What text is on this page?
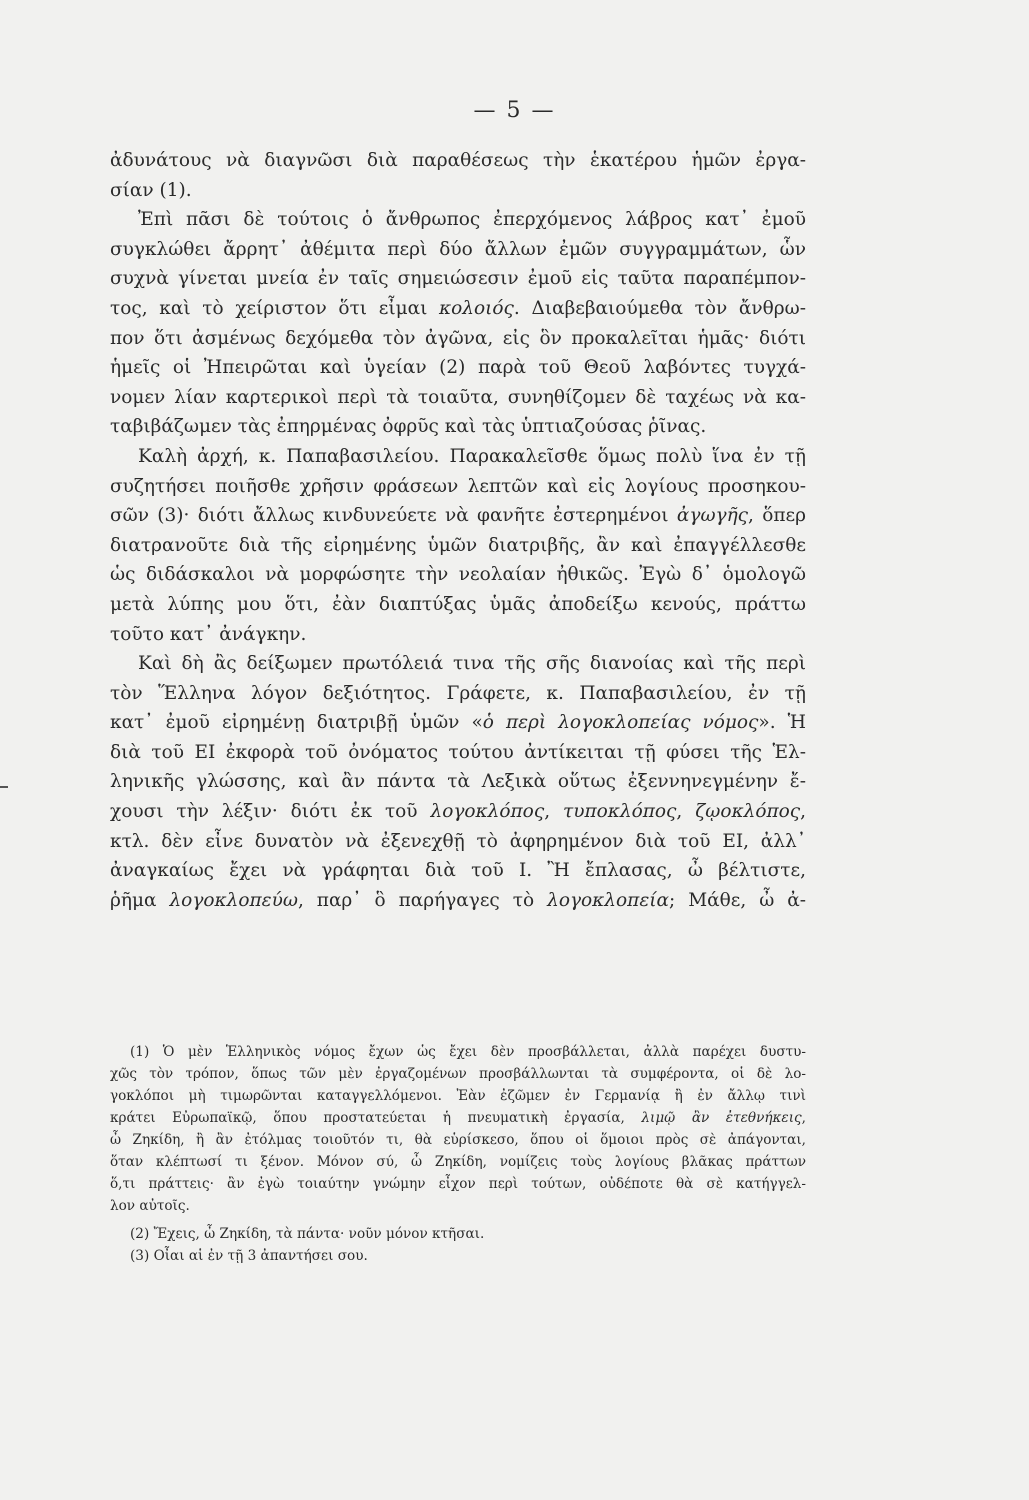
— 5 —
ἀδυνάτους νὰ διαγνῶσι διὰ παραθέσεως τὴν ἑκατέρου ἡμῶν ἐργα-
σίαν (1).
Ἐπὶ πᾶσι δὲ τούτοις ὁ ἄνθρωπος ἐπερχόμενος λάβρος κατ᾽ ἐμοῦ
συγκλώθει ἄρρητ᾽ ἀθέμιτα περὶ δύο ἄλλων ἐμῶν συγγραμμάτων, ὧν
συχνὰ γίνεται μνεία ἐν ταῖς σημειώσεσιν ἐμοῦ εἰς ταῦτα παραπέμπον-
τος, καὶ τὸ χείριστον ὅτι εἶμαι κολοιός. Διαβεβαιούμεθα τὸν ἄνθρω-
πον ὅτι ἀσμένως δεχόμεθα τὸν ἀγῶνα, εἰς ὃν προκαλεῖται ἡμᾶς· διότι
ἡμεῖς οἱ Ἠπειρῶται καὶ ὑγείαν (2) παρὰ τοῦ Θεοῦ λαβόντες τυγχά-
νομεν λίαν καρτερικοὶ περὶ τὰ τοιαῦτα, συνηθίζομεν δὲ ταχέως νὰ κα-
ταβιβάζωμεν τὰς ἐπηρμένας ὀφρῦς καὶ τὰς ὑπτιαζούσας ῥῖνας.
Καλὴ ἀρχή, κ. Παπαβασιλείου. Παρακαλεῖσθε ὅμως πολὺ ἵνα ἐν τῇ
συζητήσει ποιῆσθε χρῆσιν φράσεων λεπτῶν καὶ εἰς λογίους προσηκου-
σῶν (3)· διότι ἄλλως κινδυνεύετε νὰ φανῆτε ἐστερημένοι ἀγωγῆς, ὅπερ
διατρανοῦτε διὰ τῆς εἰρημένης ὑμῶν διατριβῆς, ἂν καὶ ἐπαγγέλλεσθε
ὡς διδάσκαλοι νὰ μορφώσητε τὴν νεολαίαν ἠθικῶς. Ἐγὼ δ᾽ ὁμολογῶ
μετὰ λύπης μου ὅτι, ἐὰν διαπτύξας ὑμᾶς ἀποδείξω κενούς, πράττω
τοῦτο κατ᾽ ἀνάγκην.
Καὶ δὴ ἂς δείξωμεν πρωτόλειά τινα τῆς σῆς διανοίας καὶ τῆς περὶ
τὸν Ἕλληνα λόγον δεξιότητος. Γράφετε, κ. Παπαβασιλείου, ἐν τῇ
κατ᾽ ἐμοῦ εἰρημένῃ διατριβῇ ὑμῶν «ὁ περὶ λογοκλοπείας νόμος». Ἡ
διὰ τοῦ ΕΙ ἐκφορὰ τοῦ ὀνόματος τούτου ἀντίκειται τῇ φύσει τῆς Ἑλ-
ληνικῆς γλώσσης, καὶ ἂν πάντα τὰ Λεξικὰ οὕτως ἐξεννηνεγμένην ἔ-
χουσι τὴν λέξιν· διότι ἐκ τοῦ λογοκλόπος, τυποκλόπος, ζῳοκλόπος,
κτλ. δὲν εἶνε δυνατὸν νὰ ἐξενεχθῇ τὸ ἀφηρημένον διὰ τοῦ ΕΙ, ἀλλ᾽
ἀναγκαίως ἔχει νὰ γράφηται διὰ τοῦ Ι. Ἢ ἔπλασας, ὦ βέλτιστε,
ῥῆμα λογοκλοπεύω, παρ᾽ ὃ παρήγαγες τὸ λογοκλοπεία; Μάθε, ὦ ἀ-
(1) Ὁ μὲν Ἑλληνικὸς νόμος ἔχων ὡς ἔχει δὲν προσβάλλεται, ἀλλὰ παρέχει δυστυ-
χῶς τὸν τρόπον, ὅπως τῶν μὲν ἐργαζομένων προσβάλλωνται τὰ συμφέροντα, οἱ δὲ λο-
γοκλόποι μὴ τιμωρῶνται καταγγελλόμενοι. Ἐὰν ἐζῶμεν ἐν Γερμανίᾳ ἢ ἐν ἄλλῳ τινὶ
κράτει Εὐρωπαϊκῷ, ὅπου προστατεύεται ἡ πνευματικὴ ἐργασία, λιμῷ ἂν ἐτεθνήκεις,
ὦ Ζηκίδη, ἢ ἂν ἐτόλμας τοιοῦτόν τι, θὰ εὑρίσκεσο, ὅπου οἱ ὅμοιοι πρὸς σὲ ἀπάγονται,
ὅταν κλέπτωσί τι ξένον. Μόνον σύ, ὦ Ζηκίδη, νομίζεις τοὺς λογίους βλᾶκας πράττων
ὅ,τι πράττεις· ἂν ἐγὼ τοιαύτην γνώμην εἶχον περὶ τούτων, οὐδέποτε θὰ σὲ κατήγγελ-
λον αὐτοῖς.
(2) Ἔχεις, ὦ Ζηκίδη, τὰ πάντα· νοῦν μόνον κτῆσαι.
(3) Οἶαι αἱ ἐν τῇ 3 ἀπαντήσει σου.
